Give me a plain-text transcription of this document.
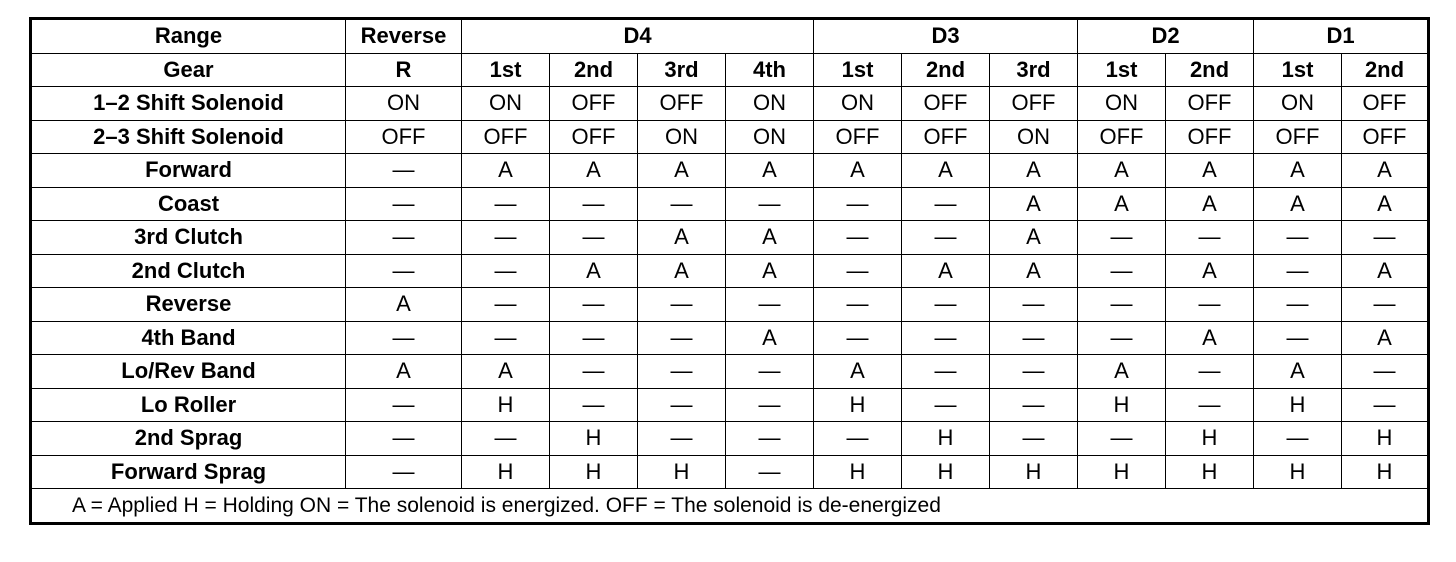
Range	Reverse	D4				D3			D2		D1	
Gear	R	1st	2nd	3rd	4th	1st	2nd	3rd	1st	2nd	1st	2nd
1–2 Shift Solenoid	ON	ON	OFF	OFF	ON	ON	OFF	OFF	ON	OFF	ON	OFF
2–3 Shift Solenoid	OFF	OFF	OFF	ON	ON	OFF	OFF	ON	OFF	OFF	OFF	OFF
Forward	—	A	A	A	A	A	A	A	A	A	A	A
Coast	—	—	—	—	—	—	—	A	A	A	A	A
3rd Clutch	—	—	—	A	A	—	—	A	—	—	—	—
2nd Clutch	—	—	A	A	A	—	A	A	—	A	—	A
Reverse	A	—	—	—	—	—	—	—	—	—	—	—
4th Band	—	—	—	—	A	—	—	—	—	A	—	A
Lo/Rev Band	A	A	—	—	—	A	—	—	A	—	A	—
Lo Roller	—	H	—	—	—	H	—	—	H	—	H	—
2nd Sprag	—	—	H	—	—	—	H	—	—	H	—	H
Forward Sprag	—	H	H	H	—	H	H	H	H	H	H	H
A = Applied H = Holding ON = The solenoid is energized. OFF = The solenoid is de-energized												
